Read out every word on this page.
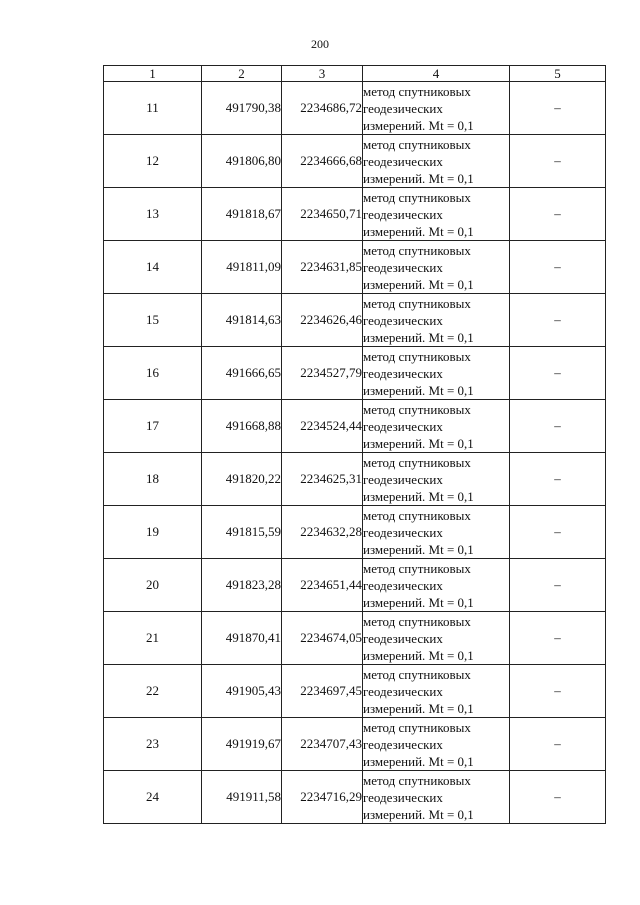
200
1	2	3	4	5
11	491790,38	2234686,72	метод спутниковых
геодезических
измерений. Mt = 0,1	–
12	491806,80	2234666,68	метод спутниковых
геодезических
измерений. Mt = 0,1	–
13	491818,67	2234650,71	метод спутниковых
геодезических
измерений. Mt = 0,1	–
14	491811,09	2234631,85	метод спутниковых
геодезических
измерений. Mt = 0,1	–
15	491814,63	2234626,46	метод спутниковых
геодезических
измерений. Mt = 0,1	–
16	491666,65	2234527,79	метод спутниковых
геодезических
измерений. Mt = 0,1	–
17	491668,88	2234524,44	метод спутниковых
геодезических
измерений. Mt = 0,1	–
18	491820,22	2234625,31	метод спутниковых
геодезических
измерений. Mt = 0,1	–
19	491815,59	2234632,28	метод спутниковых
геодезических
измерений. Mt = 0,1	–
20	491823,28	2234651,44	метод спутниковых
геодезических
измерений. Mt = 0,1	–
21	491870,41	2234674,05	метод спутниковых
геодезических
измерений. Mt = 0,1	–
22	491905,43	2234697,45	метод спутниковых
геодезических
измерений. Mt = 0,1	–
23	491919,67	2234707,43	метод спутниковых
геодезических
измерений. Mt = 0,1	–
24	491911,58	2234716,29	метод спутниковых
геодезических
измерений. Mt = 0,1	–
